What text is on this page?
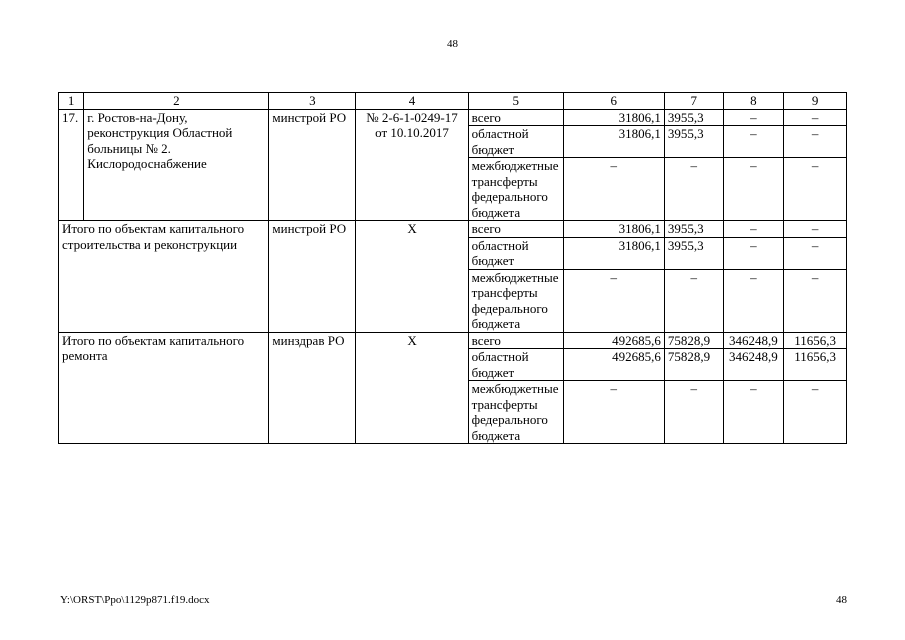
48
1	2	3	4	5	6	7	8	9
17.	г. Ростов-на-Дону, реконструкция Областной больницы № 2. Кислородоснабжение	минстрой РО	№ 2-6-1-0249-17 от 10.10.2017	всего	31806,1	3955,3	–	–
				областной бюджет	31806,1	3955,3	–	–
				межбюджетные трансферты федерального бюджета	–	–	–	–
Итого по объектам капитального строительства и реконструкции		минстрой РО	Х	всего	31806,1	3955,3	–	–
				областной бюджет	31806,1	3955,3	–	–
				межбюджетные трансферты федерального бюджета	–	–	–	–
Итого по объектам капитального ремонта		минздрав РО	Х	всего	492685,6	75828,9	346248,9	11656,3
				областной бюджет	492685,6	75828,9	346248,9	11656,3
				межбюджетные трансферты федерального бюджета	–	–	–	–
Y:\ORST\Ppo\1129p871.f19.docx	48
